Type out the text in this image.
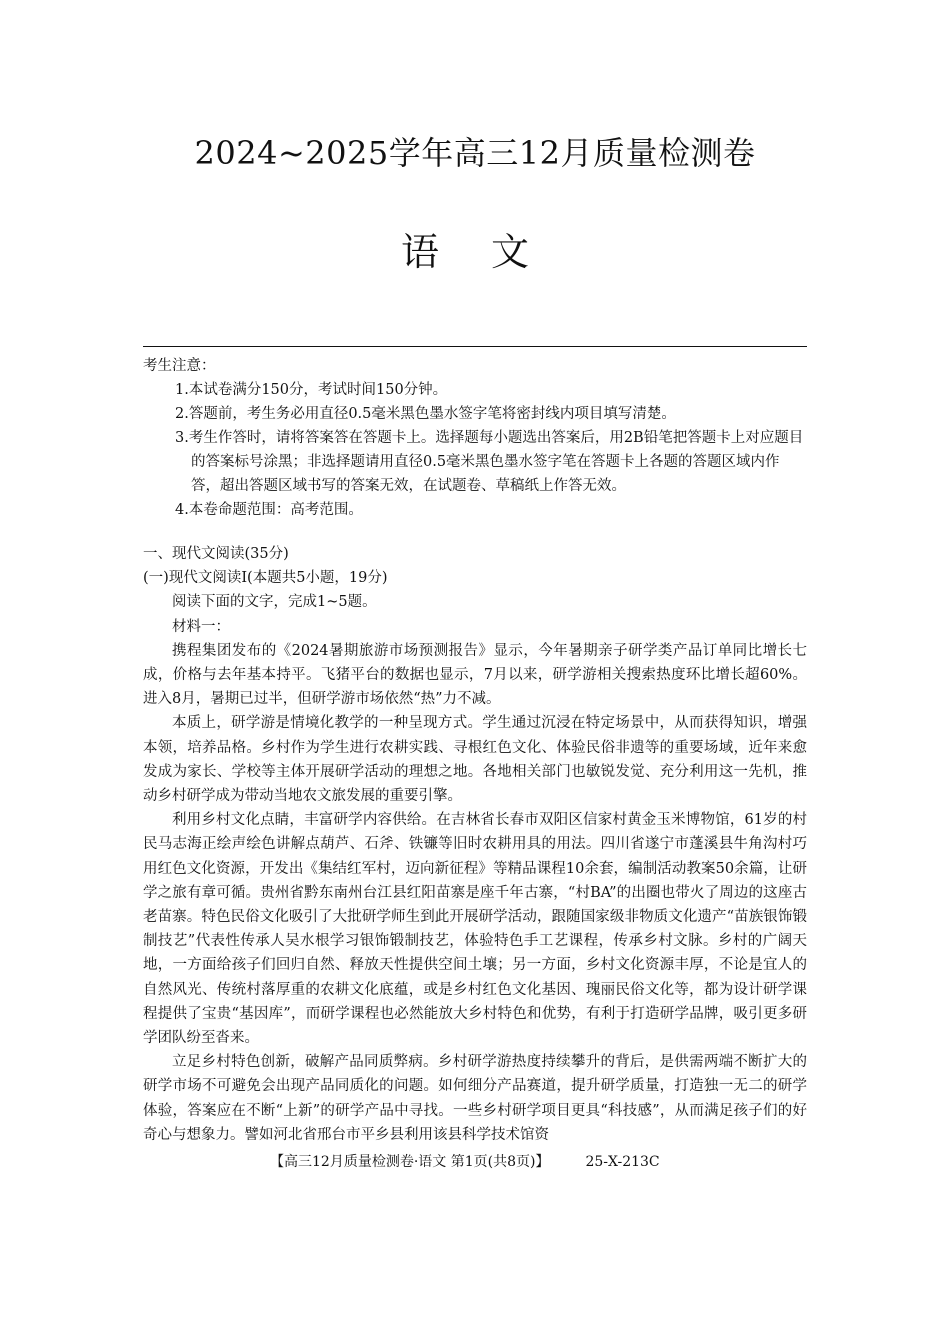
2024~2025学年高三12月质量检测卷
语文
考生注意：
1.本试卷满分150分，考试时间150分钟。
2.答题前，考生务必用直径0.5毫米黑色墨水签字笔将密封线内项目填写清楚。
3.考生作答时，请将答案答在答题卡上。选择题每小题选出答案后，用2B铅笔把答题卡上对应题目的答案标号涂黑；非选择题请用直径0.5毫米黑色墨水签字笔在答题卡上各题的答题区域内作答，超出答题区域书写的答案无效，在试题卷、草稿纸上作答无效。
4.本卷命题范围：高考范围。

一、现代文阅读(35分)

(一)现代文阅读Ⅰ(本题共5小题，19分)

阅读下面的文字，完成1~5题。

材料一：

携程集团发布的《2024暑期旅游市场预测报告》显示，今年暑期亲子研学类产品订单同比增长七成，价格与去年基本持平。飞猪平台的数据也显示，7月以来，研学游相关搜索热度环比增长超60%。进入8月，暑期已过半，但研学游市场依然“热”力不减。

本质上，研学游是情境化教学的一种呈现方式。学生通过沉浸在特定场景中，从而获得知识，增强本领，培养品格。乡村作为学生进行农耕实践、寻根红色文化、体验民俗非遗等的重要场域，近年来愈发成为家长、学校等主体开展研学活动的理想之地。各地相关部门也敏锐发觉、充分利用这一先机，推动乡村研学成为带动当地农文旅发展的重要引擎。

利用乡村文化点睛，丰富研学内容供给。在吉林省长春市双阳区信家村黄金玉米博物馆，61岁的村民马志海正绘声绘色讲解点葫芦、石斧、铁镰等旧时农耕用具的用法。四川省遂宁市蓬溪县牛角沟村巧用红色文化资源，开发出《集结红军村，迈向新征程》等精品课程10余套，编制活动教案50余篇，让研学之旅有章可循。贵州省黔东南州台江县红阳苗寨是座千年古寨，“村BA”的出圈也带火了周边的这座古老苗寨。特色民俗文化吸引了大批研学师生到此开展研学活动，跟随国家级非物质文化遗产“苗族银饰锻制技艺”代表性传承人吴水根学习银饰锻制技艺，体验特色手工艺课程，传承乡村文脉。乡村的广阔天地，一方面给孩子们回归自然、释放天性提供空间土壤；另一方面，乡村文化资源丰厚，不论是宜人的自然风光、传统村落厚重的农耕文化底蕴，或是乡村红色文化基因、瑰丽民俗文化等，都为设计研学课程提供了宝贵“基因库”，而研学课程也必然能放大乡村特色和优势，有利于打造研学品牌，吸引更多研学团队纷至沓来。

立足乡村特色创新，破解产品同质弊病。乡村研学游热度持续攀升的背后，是供需两端不断扩大的研学市场不可避免会出现产品同质化的问题。如何细分产品赛道，提升研学质量，打造独一无二的研学体验，答案应在不断“上新”的研学产品中寻找。一些乡村研学项目更具“科技感”，从而满足孩子们的好奇心与想象力。譬如河北省邢台市平乡县利用该县科学技术馆资

【高三12月质量检测卷·语文 第1页(共8页)】	25-X-213C
